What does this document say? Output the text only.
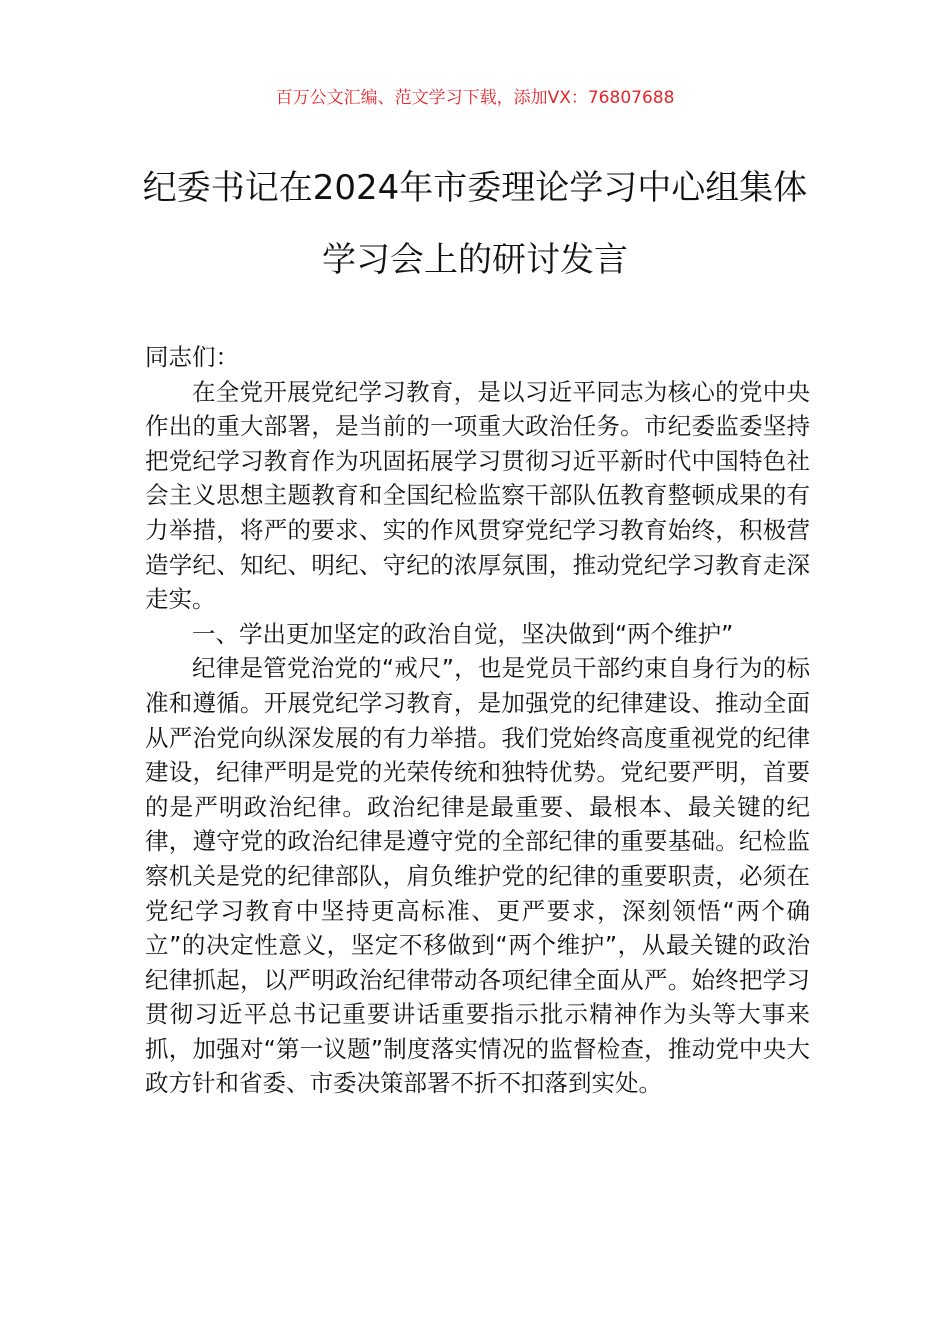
百万公文汇编、范文学习下载，添加VX：76807688
纪委书记在2024年市委理论学习中心组集体学习会上的研讨发言

同志们：

在全党开展党纪学习教育，是以习近平同志为核心的党中央作出的重大部署，是当前的一项重大政治任务。市纪委监委坚持把党纪学习教育作为巩固拓展学习贯彻习近平新时代中国特色社会主义思想主题教育和全国纪检监察干部队伍教育整顿成果的有力举措，将严的要求、实的作风贯穿党纪学习教育始终，积极营造学纪、知纪、明纪、守纪的浓厚氛围，推动党纪学习教育走深走实。

一、学出更加坚定的政治自觉，坚决做到“两个维护”

纪律是管党治党的“戒尺”，也是党员干部约束自身行为的标准和遵循。开展党纪学习教育，是加强党的纪律建设、推动全面从严治党向纵深发展的有力举措。我们党始终高度重视党的纪律建设，纪律严明是党的光荣传统和独特优势。党纪要严明，首要的是严明政治纪律。政治纪律是最重要、最根本、最关键的纪律，遵守党的政治纪律是遵守党的全部纪律的重要基础。纪检监察机关是党的纪律部队，肩负维护党的纪律的重要职责，必须在党纪学习教育中坚持更高标准、更严要求，深刻领悟“两个确立”的决定性意义，坚定不移做到“两个维护”，从最关键的政治纪律抓起，以严明政治纪律带动各项纪律全面从严。始终把学习贯彻习近平总书记重要讲话重要指示批示精神作为头等大事来抓，加强对“第一议题”制度落实情况的监督检查，推动党中央大政方针和省委、市委决策部署不折不扣落到实处。
